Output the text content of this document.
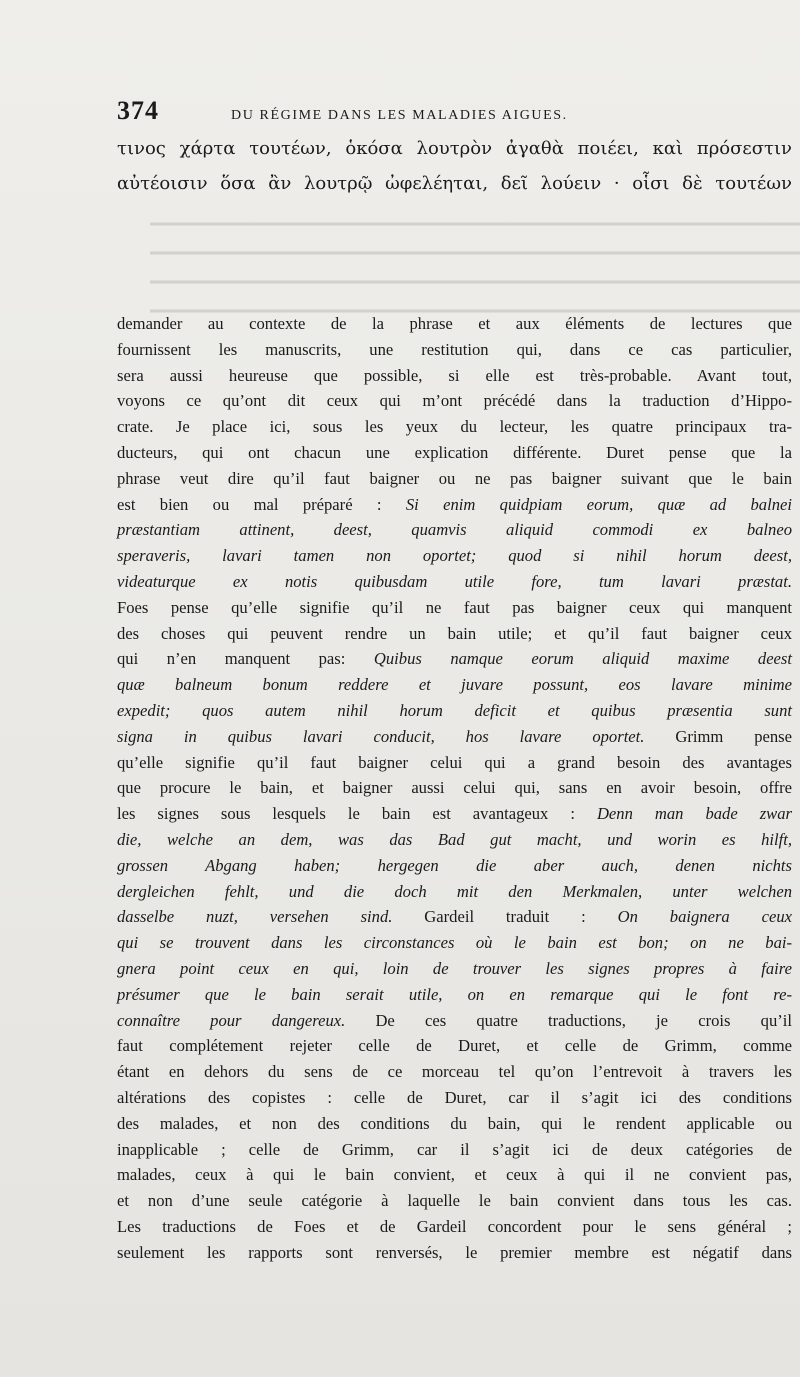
374	DU RÉGIME DANS LES MALADIES AIGUES.
τινος χάρτα τουτέων, ὁκόσα λουτρὸν ἀγαθὰ ποιέει, καὶ πρόσεστιν
αὐτέοισιν ὅσα ἂν λουτρῷ ὠφελέηται, δεῖ λούειν · οἷσι δὲ τουτέων
demander au contexte de la phrase et aux éléments de lectures que
fournissent les manuscrits, une restitution qui, dans ce cas particulier,
sera aussi heureuse que possible, si elle est très-probable. Avant tout,
voyons ce qu’ont dit ceux qui m’ont précédé dans la traduction d’Hippo-
crate. Je place ici, sous les yeux du lecteur, les quatre principaux tra-
ducteurs, qui ont chacun une explication différente. Duret pense que la
phrase veut dire qu’il faut baigner ou ne pas baigner suivant que le bain
est bien ou mal préparé : Si enim quidpiam eorum, quæ ad balnei
præstantiam attinent, deest, quamvis aliquid commodi ex balneo
speraveris, lavari tamen non oportet; quod si nihil horum deest,
videaturque ex notis quibusdam utile fore, tum lavari præstat.
Foes pense qu’elle signifie qu’il ne faut pas baigner ceux qui manquent
des choses qui peuvent rendre un bain utile; et qu’il faut baigner ceux
qui n’en manquent pas: Quibus namque eorum aliquid maxime deest
quæ balneum bonum reddere et juvare possunt, eos lavare minime
expedit; quos autem nihil horum deficit et quibus præsentia sunt
signa in quibus lavari conducit, hos lavare oportet. Grimm pense
qu’elle signifie qu’il faut baigner celui qui a grand besoin des avantages
que procure le bain, et baigner aussi celui qui, sans en avoir besoin, offre
les signes sous lesquels le bain est avantageux : Denn man bade zwar
die, welche an dem, was das Bad gut macht, und worin es hilft,
grossen Abgang haben; hergegen die aber auch, denen nichts
dergleichen fehlt, und die doch mit den Merkmalen, unter welchen
dasselbe nuzt, versehen sind. Gardeil traduit : On baignera ceux
qui se trouvent dans les circonstances où le bain est bon; on ne bai-
gnera point ceux en qui, loin de trouver les signes propres à faire
présumer que le bain serait utile, on en remarque qui le font re-
connaître pour dangereux. De ces quatre traductions, je crois qu’il
faut complétement rejeter celle de Duret, et celle de Grimm, comme
étant en dehors du sens de ce morceau tel qu’on l’entrevoit à travers les
altérations des copistes : celle de Duret, car il s’agit ici des conditions
des malades, et non des conditions du bain, qui le rendent applicable ou
inapplicable ; celle de Grimm, car il s’agit ici de deux catégories de
malades, ceux à qui le bain convient, et ceux à qui il ne convient pas,
et non d’une seule catégorie à laquelle le bain convient dans tous les cas.
Les traductions de Foes et de Gardeil concordent pour le sens général ;
seulement les rapports sont renversés, le premier membre est négatif dans
